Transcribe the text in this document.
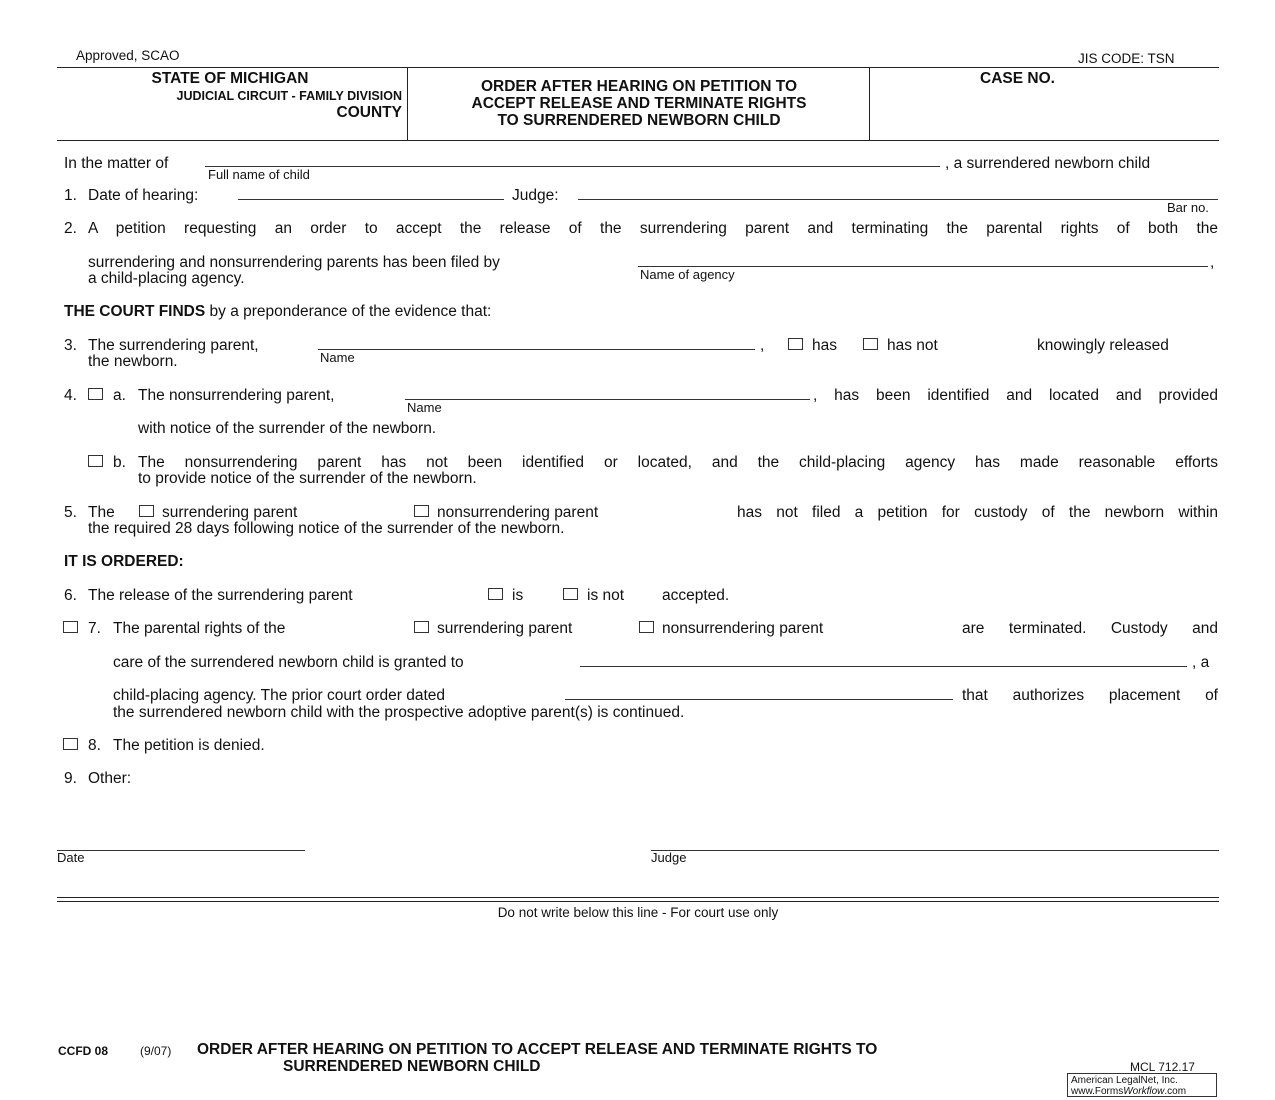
Approved, SCAO	JIS CODE: TSN
STATE OF MICHIGAN
JUDICIAL CIRCUIT - FAMILY DIVISION
COUNTY
ORDER AFTER HEARING ON PETITION TO
ACCEPT RELEASE AND TERMINATE RIGHTS
TO SURRENDERED NEWBORN CHILD
CASE NO.
In the matter of
Full name of child
, a surrendered newborn child
1. Date of hearing:	Judge:
Bar no.
2. A petition requesting an order to accept the release of the surrendering parent and terminating the parental rights of both the
surrendering and nonsurrendering parents has been filed by
Name of agency
,
a child-placing agency.
THE COURT FINDS by a preponderance of the evidence that:
3. The surrendering parent,
Name
,	has	has not	knowingly released
the newborn.
4. a. The nonsurrendering parent,
Name
, has been identified and located and provided
with notice of the surrender of the newborn.
b. The nonsurrendering parent has not been identified or located, and the child-placing agency has made reasonable efforts
to provide notice of the surrender of the newborn.
5. The	surrendering parent	nonsurrendering parent	has not filed a petition for custody of the newborn within
the required 28 days following notice of the surrender of the newborn.
IT IS ORDERED:
6. The release of the surrendering parent	is	is not accepted.
7. The parental rights of the	surrendering parent	nonsurrendering parent	are terminated. Custody and
care of the surrendered newborn child is granted to	, a
child-placing agency. The prior court order dated	that authorizes placement of
the surrendered newborn child with the prospective adoptive parent(s) is continued.
8. The petition is denied.
9. Other:
Date	Judge
Do not write below this line - For court use only
CCFD 08	(9/07) ORDER AFTER HEARING ON PETITION TO ACCEPT RELEASE AND TERMINATE RIGHTS TO
SURRENDERED NEWBORN CHILD	MCL 712.17
American LegalNet, Inc.
www.FormsWorkflow.com
